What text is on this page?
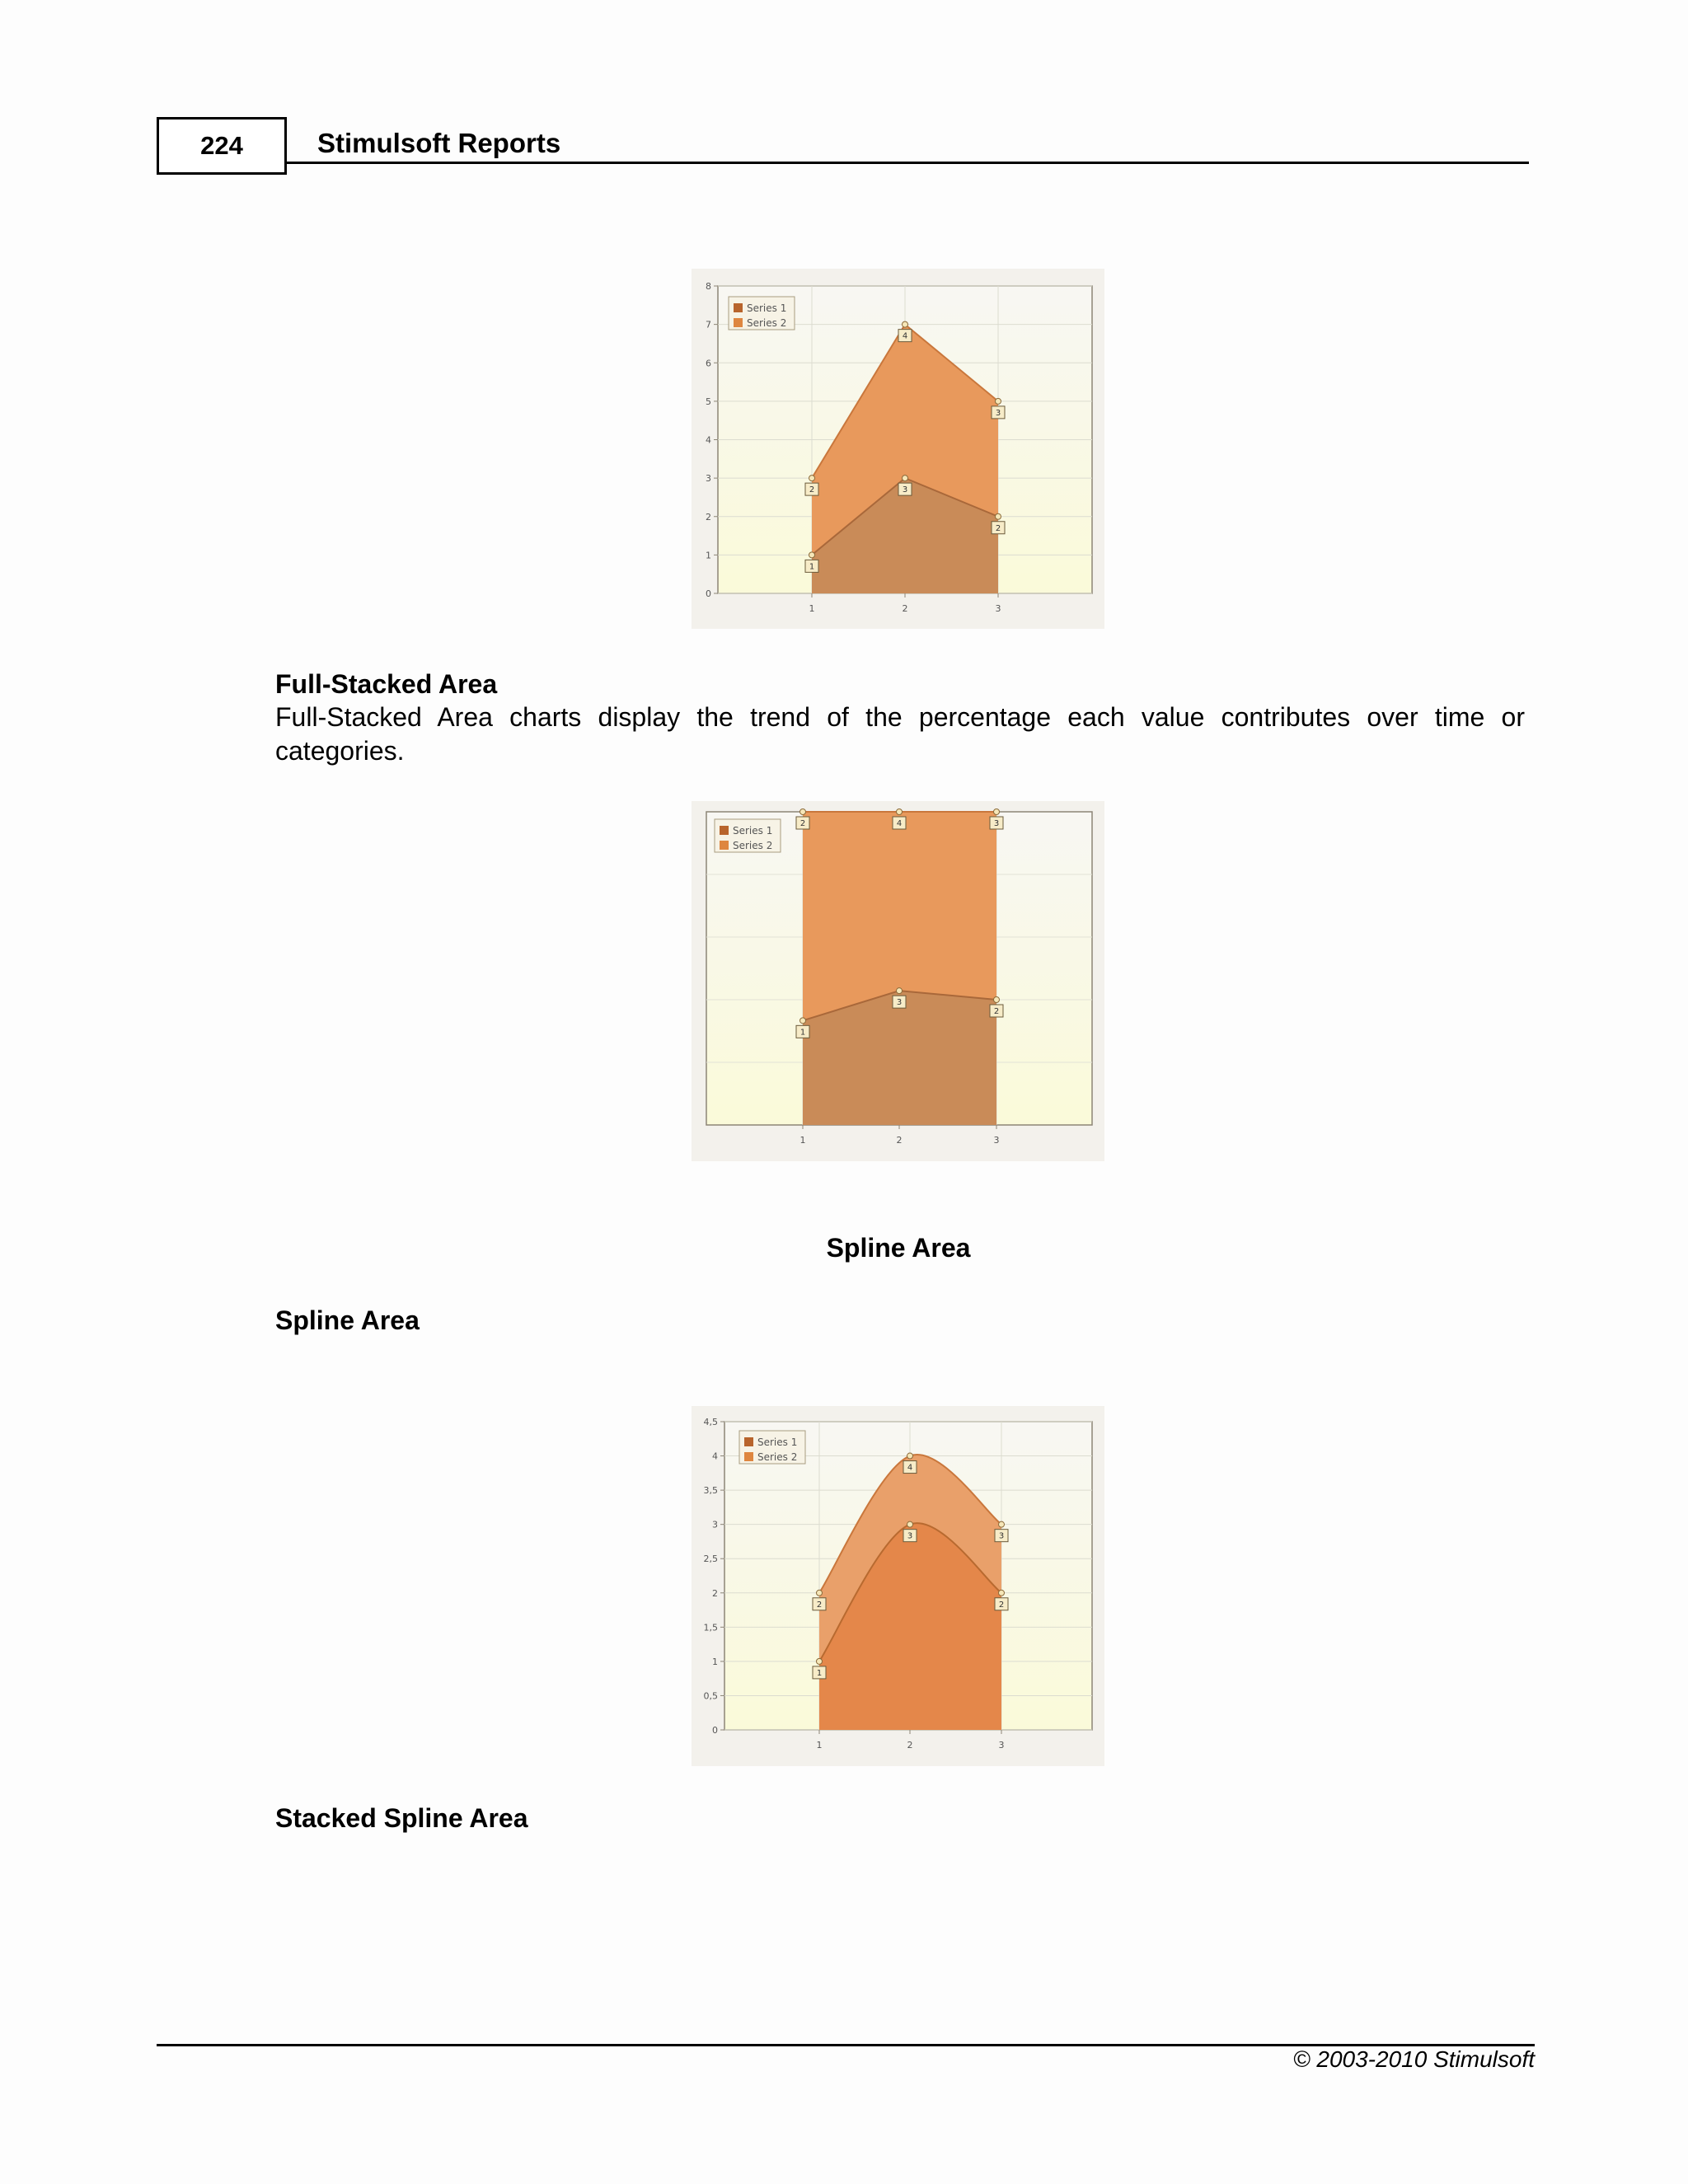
224	Stimulsoft Reports
0
1
2
3
4
5
6
7
8
1	2	3
1
3
2
2
4
3
Series 1
Series 2
Full-Stacked Area
Full-Stacked Area charts display the trend of the percentage each value contributes over time or categories.
1	2	3
1
3
2
2	4	3
Series 1
Series 2
Spline Area
Spline Area
0
0,5
1
1,5
2
2,5
3
3,5
4
4,5
1	2	3
1
3
2
2
4
3
Series 1
Series 2
Stacked Spline Area
© 2003-2010 Stimulsoft
